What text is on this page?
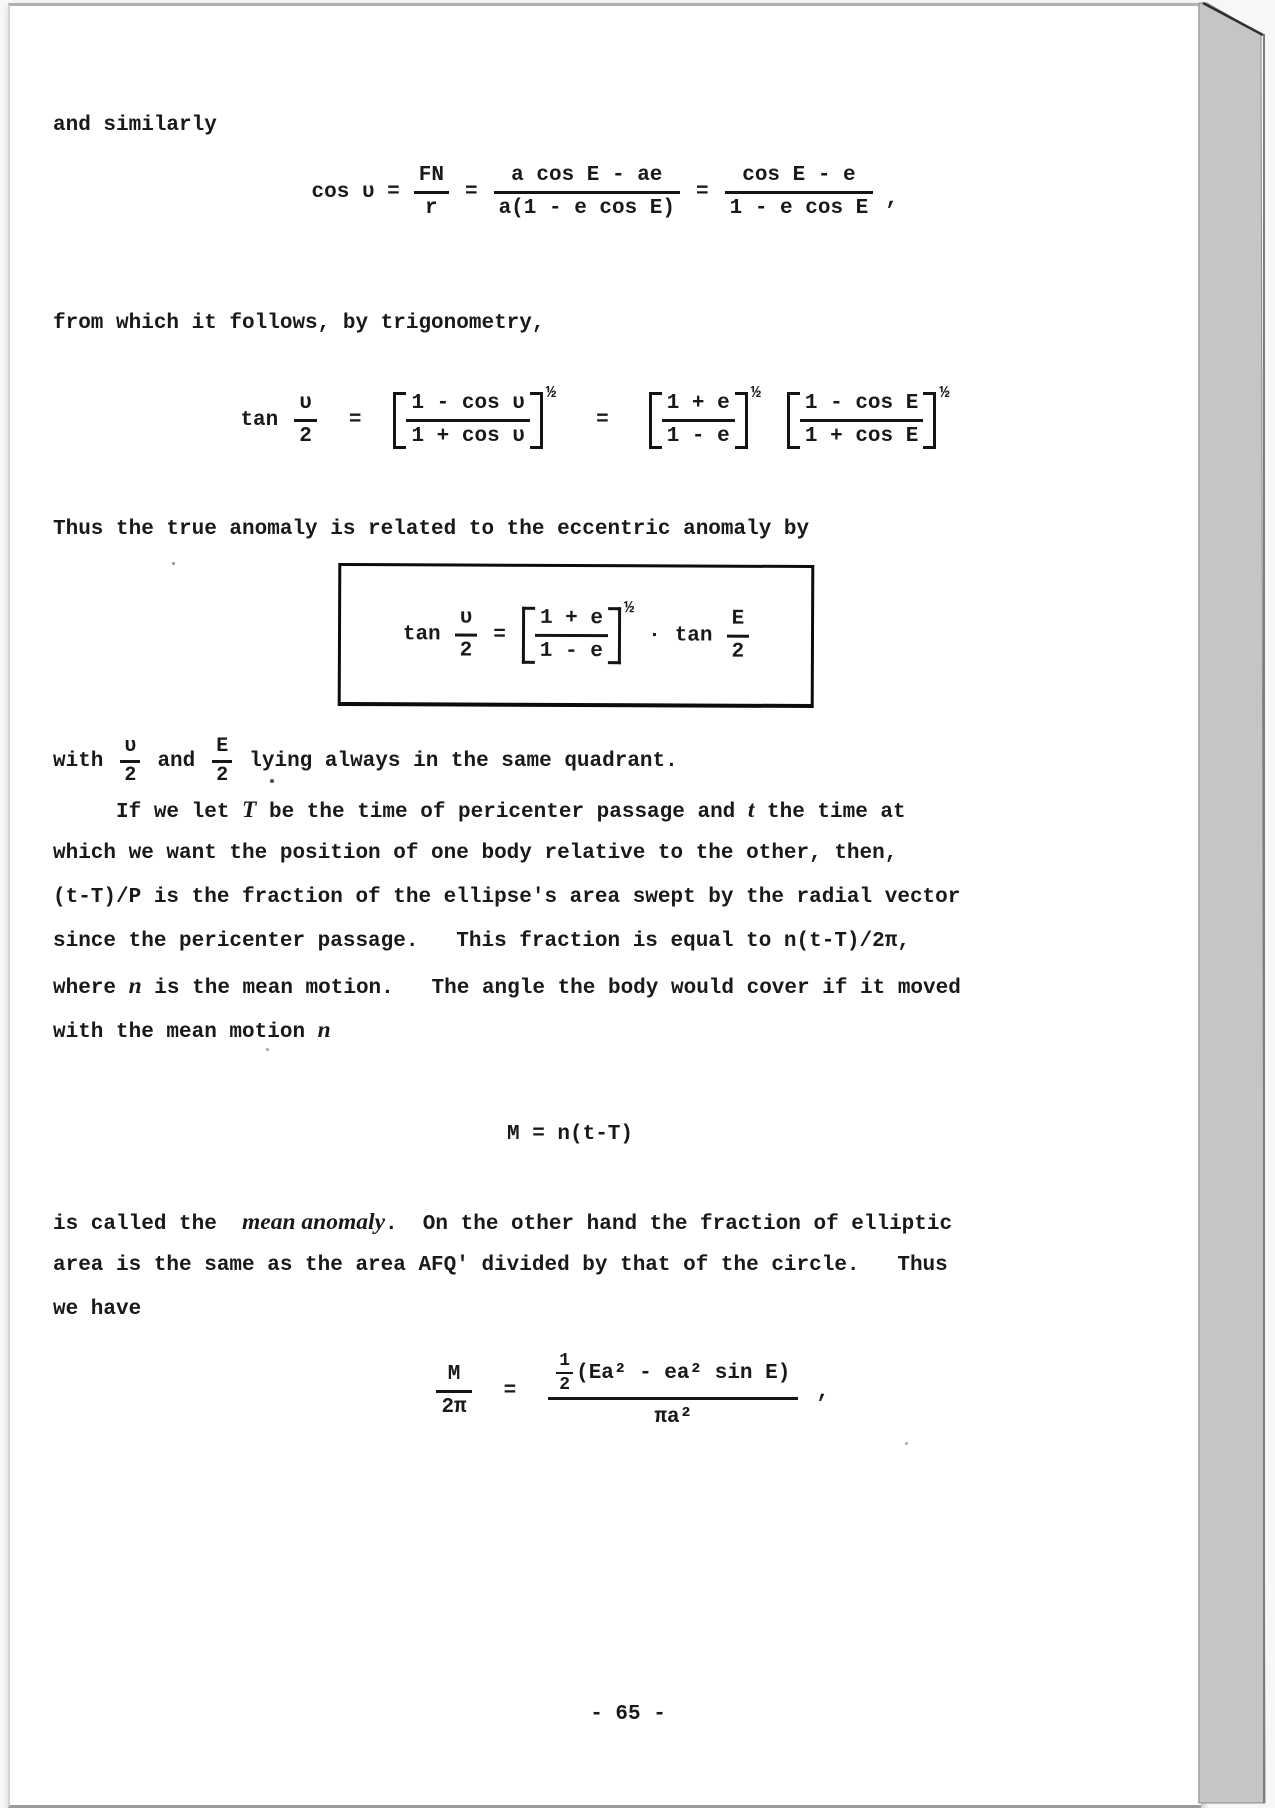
and similarly
$\cos \upsilon = \frac{FN}{r} = \frac{\text{a cos E - ae}}{\text{a(1 - e cos E)}} = \frac{\text{cos E - e}}{\text{1 - e cos E}}$ ,
from which it follows, by trigonometry,
$\tan \frac{\upsilon}{2} = \frac{\text{1 - cos υ}}{\text{1 + cos υ}} ^{\frac{1}{2}}$
=	$\frac{1 + e}{1 - e} ^{\frac{1}{2}} \frac{\text{1 - cos E}}{\text{1 + cos E}} ^{\frac{1}{2}}$
Thus the true anomaly is related to the eccentric anomaly by
$\tan \frac{\upsilon}{2} = \frac{1 + e}{1 - e} ^{\frac{1}{2}}$
· $\tan \frac{E}{2}$
with $\frac{\upsilon}{2}$ and $\frac{E}{2}$ lying always in the same quadrant.
If we let T be the time of pericenter passage and t the time at
which we want the position of one body relative to the other, then,
(t-T)/P is the fraction of the ellipse's area swept by the radial vector
since the pericenter passage.   This fraction is equal to n(t-T)/2π,
where n is the mean motion.   The angle the body would cover if it moved
with the mean motion n
M = n(t-T)
is called the  mean anomaly.  On the other hand the fraction of elliptic
area is the same as the area AFQ' divided by that of the circle.   Thus
we have
$\frac{M}{2\pi} = \frac{\frac{1}{2} (Ea^2 - ea^2 \sin E)}{\text{πa²}}$ ,
- 65 -
